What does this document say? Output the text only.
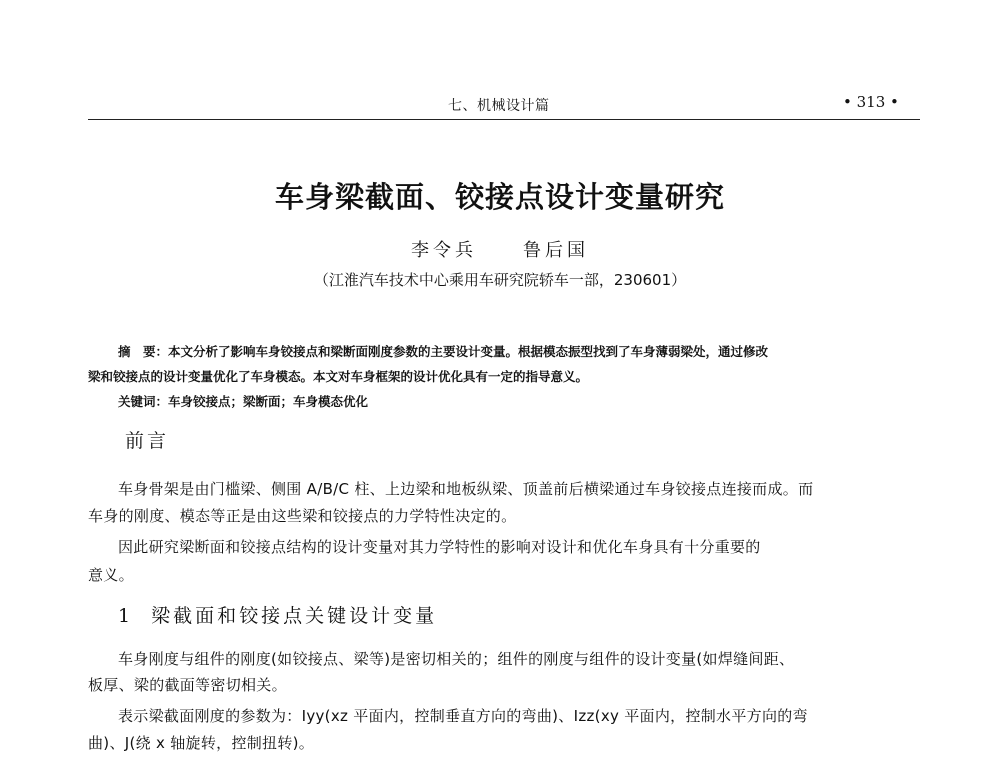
七、机械设计篇	• 313 •
车身梁截面、铰接点设计变量研究
李令兵	鲁后国
（江淮汽车技术中心乘用车研究院轿车一部，230601）
摘　要：本文分析了影响车身铰接点和梁断面刚度参数的主要设计变量。根据模态振型找到了车身薄弱梁处，通过修改
梁和铰接点的设计变量优化了车身模态。本文对车身框架的设计优化具有一定的指导意义。
关键词：车身铰接点；梁断面；车身模态优化
前言
车身骨架是由门槛梁、侧围 A/B/C 柱、上边梁和地板纵梁、顶盖前后横梁通过车身铰接点连接而成。而
车身的刚度、模态等正是由这些梁和铰接点的力学特性决定的。
因此研究梁断面和铰接点结构的设计变量对其力学特性的影响对设计和优化车身具有十分重要的
意义。
1 梁截面和铰接点关键设计变量
车身刚度与组件的刚度(如铰接点、梁等)是密切相关的；组件的刚度与组件的设计变量(如焊缝间距、
板厚、梁的截面等密切相关。
表示梁截面刚度的参数为：Iyy(xz 平面内，控制垂直方向的弯曲)、Izz(xy 平面内，控制水平方向的弯
曲)、J(绕 x 轴旋转，控制扭转)。
